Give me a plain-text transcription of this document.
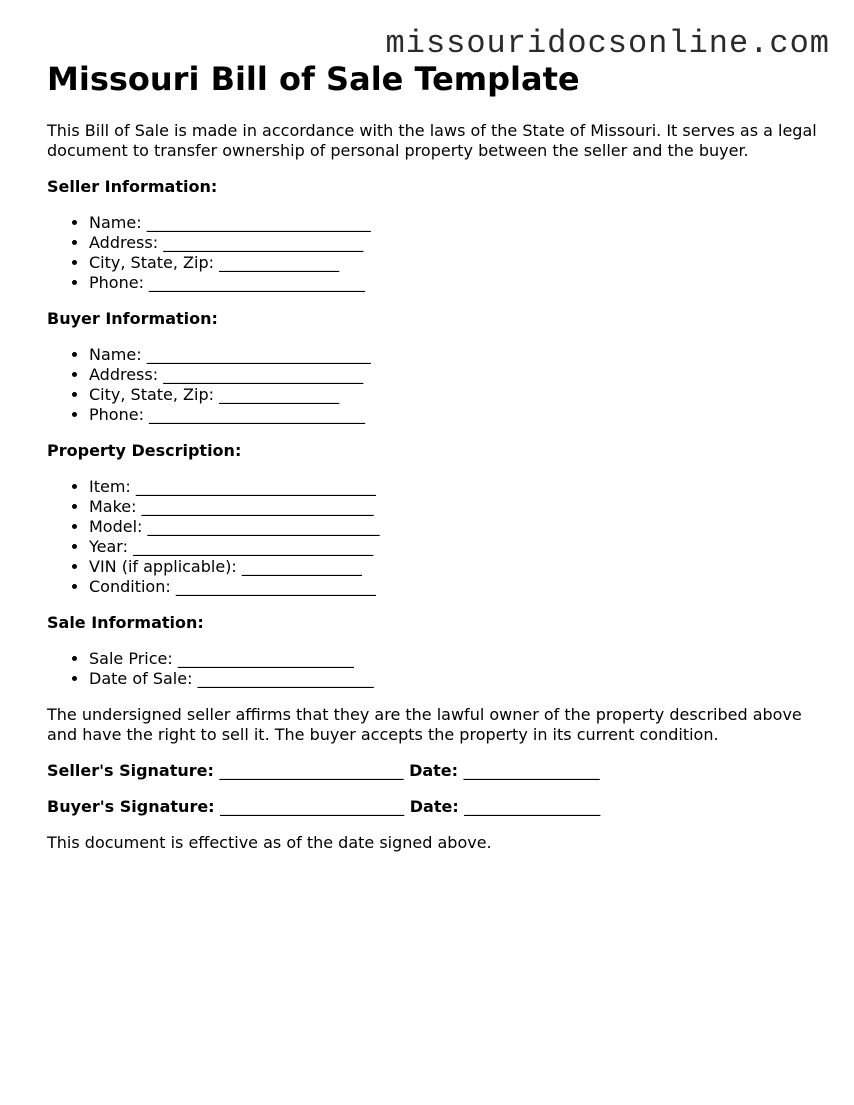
missouridocsonline.com
Missouri Bill of Sale Template

This Bill of Sale is made in accordance with the laws of the State of Missouri. It serves as a legal document to transfer ownership of personal property between the seller and the buyer.

Seller Information:
• Name: ____________________________
• Address: _________________________
• City, State, Zip: _______________
• Phone: ___________________________
Buyer Information:
• Name: ____________________________
• Address: _________________________
• City, State, Zip: _______________
• Phone: ___________________________
Property Description:
• Item: ______________________________
• Make: _____________________________
• Model: _____________________________
• Year: ______________________________
• VIN (if applicable): _______________
• Condition: _________________________
Sale Information:
• Sale Price: ______________________
• Date of Sale: ______________________

The undersigned seller affirms that they are the lawful owner of the property described above and have the right to sell it. The buyer accepts the property in its current condition.

Seller's Signature: _______________________ Date: _________________
Buyer's Signature: _______________________ Date: _________________

This document is effective as of the date signed above.
